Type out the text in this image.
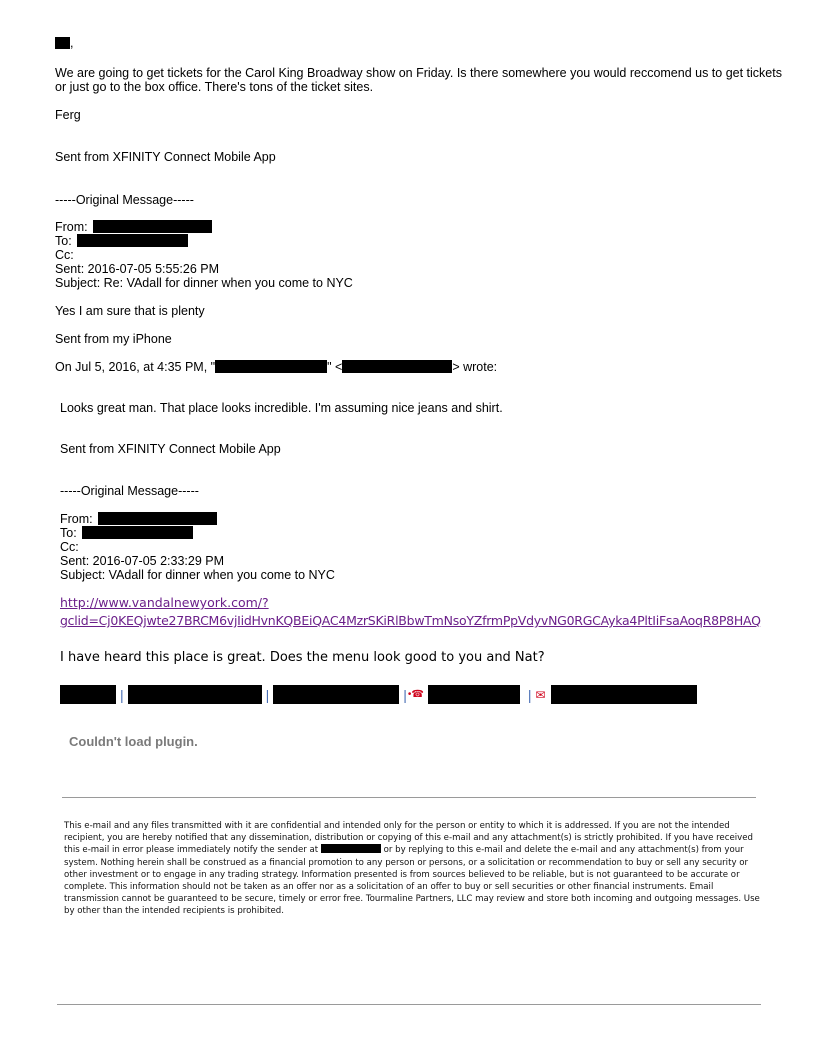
,
We are going to get tickets for the Carol King Broadway show on Friday. Is there somewhere you would reccomend us to get tickets
or just go to the box office. There's tons of the ticket sites.
Ferg
Sent from XFINITY Connect Mobile App
-----Original Message-----
From:
To:
Cc:
Sent: 2016-07-05 5:55:26 PM
Subject: Re: VAdall for dinner when you come to NYC
Yes I am sure that is plenty
Sent from my iPhone
On Jul 5, 2016, at 4:35 PM, "	" <	> wrote:
Looks great man. That place looks incredible. I'm assuming nice jeans and shirt.
Sent from XFINITY Connect Mobile App
-----Original Message-----
From:
To:
Cc:
Sent: 2016-07-05 2:33:29 PM
Subject: VAdall for dinner when you come to NYC
http://www.vandalnewyork.com/?
gclid=Cj0KEQjwte27BRCM6vjIidHvnKQBEiQAC4MzrSKiRlBbwTmNsoYZfrmPpVdyvNG0RGCAyka4PltIiFsaAoqR8P8HAQ
I have heard this place is great. Does the menu look good to you and Nat?
|	|	| •☎	| ✉
Couldn't load plugin.
This e-mail and any files transmitted with it are confidential and intended only for the person or entity to which it is addressed. If you are not the intended recipient, you are hereby notified that any dissemination, distribution or copying of this e-mail and any attachment(s) is strictly prohibited. If you have received this e-mail in error please immediately notify the sender at	or by replying to this e-mail and delete the e-mail and any attachment(s) from your system. Nothing herein shall be construed as a financial promotion to any person or persons, or a solicitation or recommendation to buy or sell any security or other investment or to engage in any trading strategy. Information presented is from sources believed to be reliable, but is not guaranteed to be accurate or complete. This information should not be taken as an offer nor as a solicitation of an offer to buy or sell securities or other financial instruments. Email transmission cannot be guaranteed to be secure, timely or error free. Tourmaline Partners, LLC may review and store both incoming and outgoing messages. Use by other than the intended recipients is prohibited.
